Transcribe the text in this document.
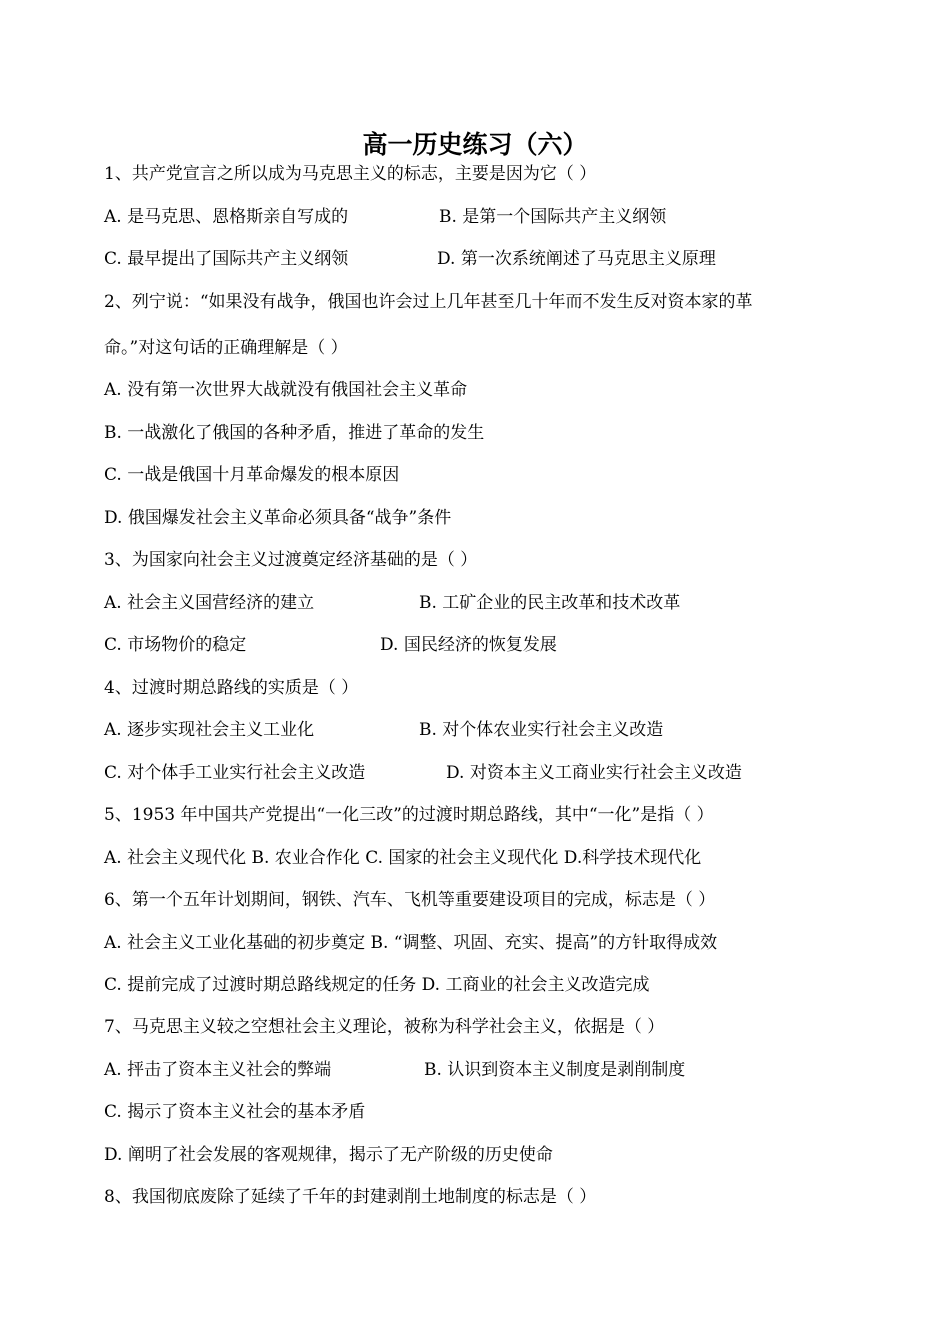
高一历史练习（六）
1、共产党宣言之所以成为马克思主义的标志，主要是因为它（ ）
A. 是马克思、恩格斯亲自写成的	B. 是第一个国际共产主义纲领
C. 最早提出了国际共产主义纲领	D. 第一次系统阐述了马克思主义原理
2、列宁说：“如果没有战争，俄国也许会过上几年甚至几十年而不发生反对资本家的革
命。”对这句话的正确理解是（ ）
A. 没有第一次世界大战就没有俄国社会主义革命
B. 一战激化了俄国的各种矛盾，推进了革命的发生
C. 一战是俄国十月革命爆发的根本原因
D. 俄国爆发社会主义革命必须具备“战争”条件
3、为国家向社会主义过渡奠定经济基础的是（ ）
A. 社会主义国营经济的建立	B. 工矿企业的民主改革和技术改革
C. 市场物价的稳定	D. 国民经济的恢复发展
4、过渡时期总路线的实质是（ ）
A. 逐步实现社会主义工业化	B. 对个体农业实行社会主义改造
C. 对个体手工业实行社会主义改造	D. 对资本主义工商业实行社会主义改造
5、1953 年中国共产党提出“一化三改”的过渡时期总路线，其中“一化”是指（ ）
A. 社会主义现代化 B. 农业合作化 C. 国家的社会主义现代化 D.科学技术现代化
6、第一个五年计划期间，钢铁、汽车、飞机等重要建设项目的完成，标志是（ ）
A. 社会主义工业化基础的初步奠定 B. “调整、巩固、充实、提高”的方针取得成效
C. 提前完成了过渡时期总路线规定的任务 D. 工商业的社会主义改造完成
7、马克思主义较之空想社会主义理论，被称为科学社会主义，依据是（ ）
A. 抨击了资本主义社会的弊端	B. 认识到资本主义制度是剥削制度
C. 揭示了资本主义社会的基本矛盾
D. 阐明了社会发展的客观规律，揭示了无产阶级的历史使命
8、我国彻底废除了延续了千年的封建剥削土地制度的标志是（ ）
